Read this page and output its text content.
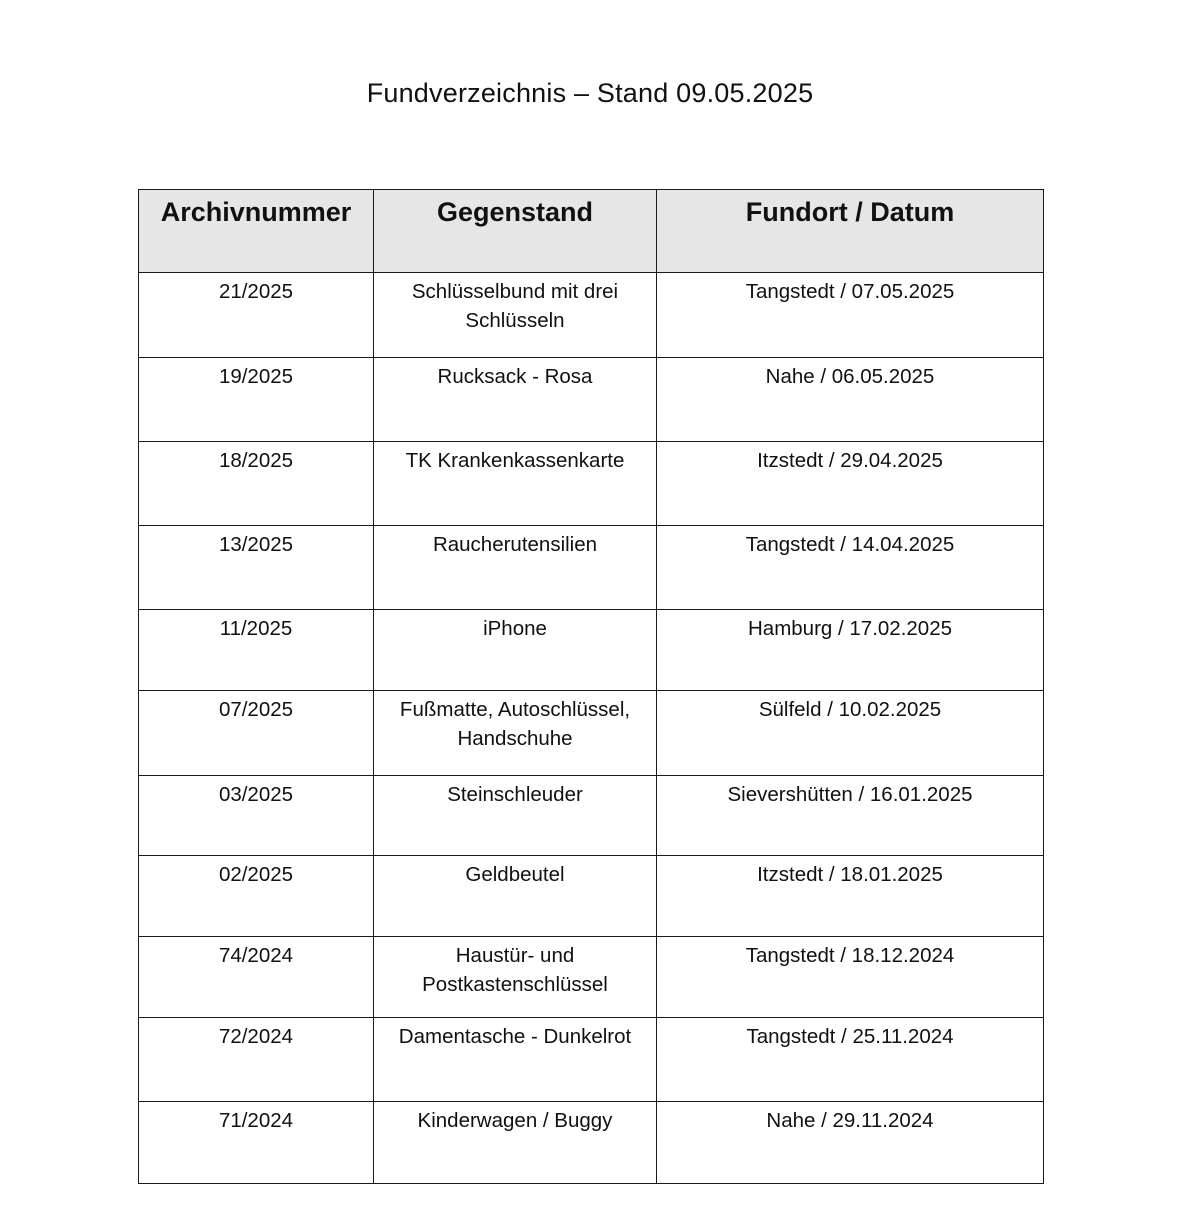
Fundverzeichnis – Stand 09.05.2025
Archivnummer	Gegenstand	Fundort / Datum
21/2025	Schlüsselbund mit drei Schlüsseln	Tangstedt / 07.05.2025
19/2025	Rucksack - Rosa	Nahe / 06.05.2025
18/2025	TK Krankenkassenkarte	Itzstedt / 29.04.2025
13/2025	Raucherutensilien	Tangstedt / 14.04.2025
11/2025	iPhone	Hamburg / 17.02.2025
07/2025	Fußmatte, Autoschlüssel, Handschuhe	Sülfeld / 10.02.2025
03/2025	Steinschleuder	Sievershütten / 16.01.2025
02/2025	Geldbeutel	Itzstedt / 18.01.2025
74/2024	Haustür- und Postkastenschlüssel	Tangstedt / 18.12.2024
72/2024	Damentasche - Dunkelrot	Tangstedt / 25.11.2024
71/2024	Kinderwagen / Buggy	Nahe / 29.11.2024
